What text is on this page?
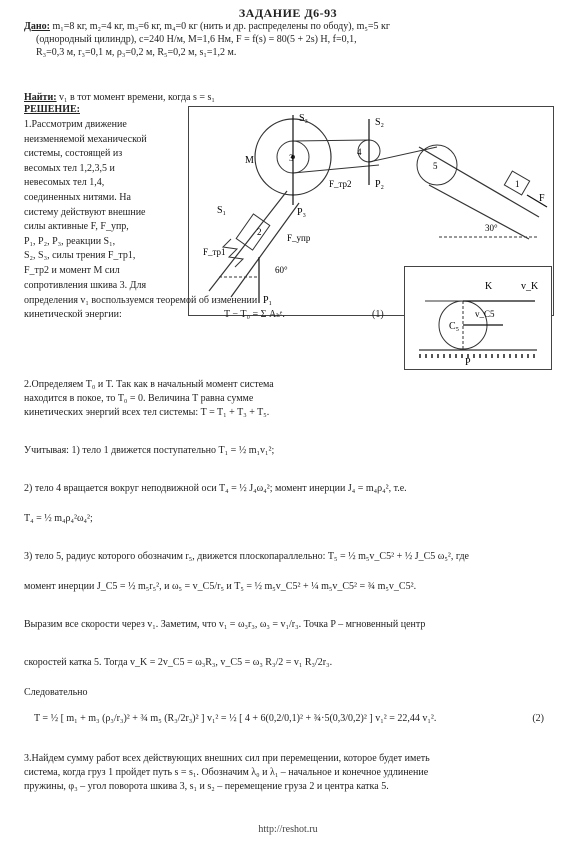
ЗАДАНИЕ Д6-93
Дано: m₁=8 кг, m₂=4 кг, m₃=6 кг, m₄=0 кг (нить и др. распределены по ободу), m₅=5 кг
(однородный цилиндр), c=240 Н/м, M=1,6 Нм, F = f(s) = 80(5 + 2s) Н, f=0,1,
R₃=0,3 м, r₃=0,1 м, ρ₃=0,2 м, R₅=0,2 м, s₁=1,2 м.
Найти: v₁ в тот момент времени, когда s = s₁
РЕШЕНИЕ:
1.Рассмотрим движение
неизменяемой механической
системы, состоящей из
весомых тел 1,2,3,5 и
невесомых тел 1,4,
соединенных нитями. На
систему действуют внешние
силы активные F, F_упр,
P₁, P₂, P₃, реакции S₁,
S₂, S₃, силы трения F_тр1,
F_тр2 и момент M сил
сопротивления шкива 3. Для
S₃	S₂
M
F_тр2
P₃
F_упр
P₂
4
F
30°
3
2
1
5
F_тр1
P₁
S₁
60°
K	v_K
v_C5
C₅
P
определения v₁ воспользуемся теоремой об изменении
кинетической энергии:	T − T₀ = Σ Aₖᵉ.	(1)
2.Определяем T₀ и T. Так как в начальный момент система
находится в покое, то T₀ = 0. Величина T равна сумме
кинетических энергий всех тел системы: T = T₁ + T₃ + T₅.
Учитывая: 1) тело 1 движется поступательно T₁ = ½ m₁v₁²;
2) тело 4 вращается вокруг неподвижной оси T₄ = ½ J₄ω₄²; момент инерции J₄ = m₄ρ₄², т.е.
T₄ = ½ m₄ρ₄²ω₄²;
3) тело 5, радиус которого обозначим r₅, движется плоскопараллельно: T₅ = ½ m₅v_C5² + ½ J_C5 ω₅², где
момент инерции J_C5 = ½ m₅r₅², и ω₅ = v_C5/r₅ и T₅ = ½ m₅v_C5² + ¼ m₅v_C5² = ¾ m₅v_C5².
Выразим все скорости через v₁. Заметим, что v₁ = ω₃r₃, ω₃ = v₁/r₃. Точка P – мгновенный центр
скоростей катка 5. Тогда v_K = 2v_C5 = ω₃R₃, v_C5 = ω₃ R₃/2 = v₁ R₃/2r₃.
Следовательно
T = ½ [ m₁ + m₃ (ρ₃/r₃)² + ¾ m₅ (R₃/2r₃)² ] v₁² = ½ [ 4 + 6(0,2/0,1)² + ¾·5(0,3/0,2)² ] v₁² = 22,44 v₁².	(2)
3.Найдем сумму работ всех действующих внешних сил при перемещении, которое будет иметь
система, когда груз 1 пройдет путь s = s₁. Обозначим λ₀ и λ₁ – начальное и конечное удлинение
пружины, φ₃ – угол поворота шкива 3, s₁ и s₂ – перемещение груза 2 и центра катка 5.
http://reshot.ru
